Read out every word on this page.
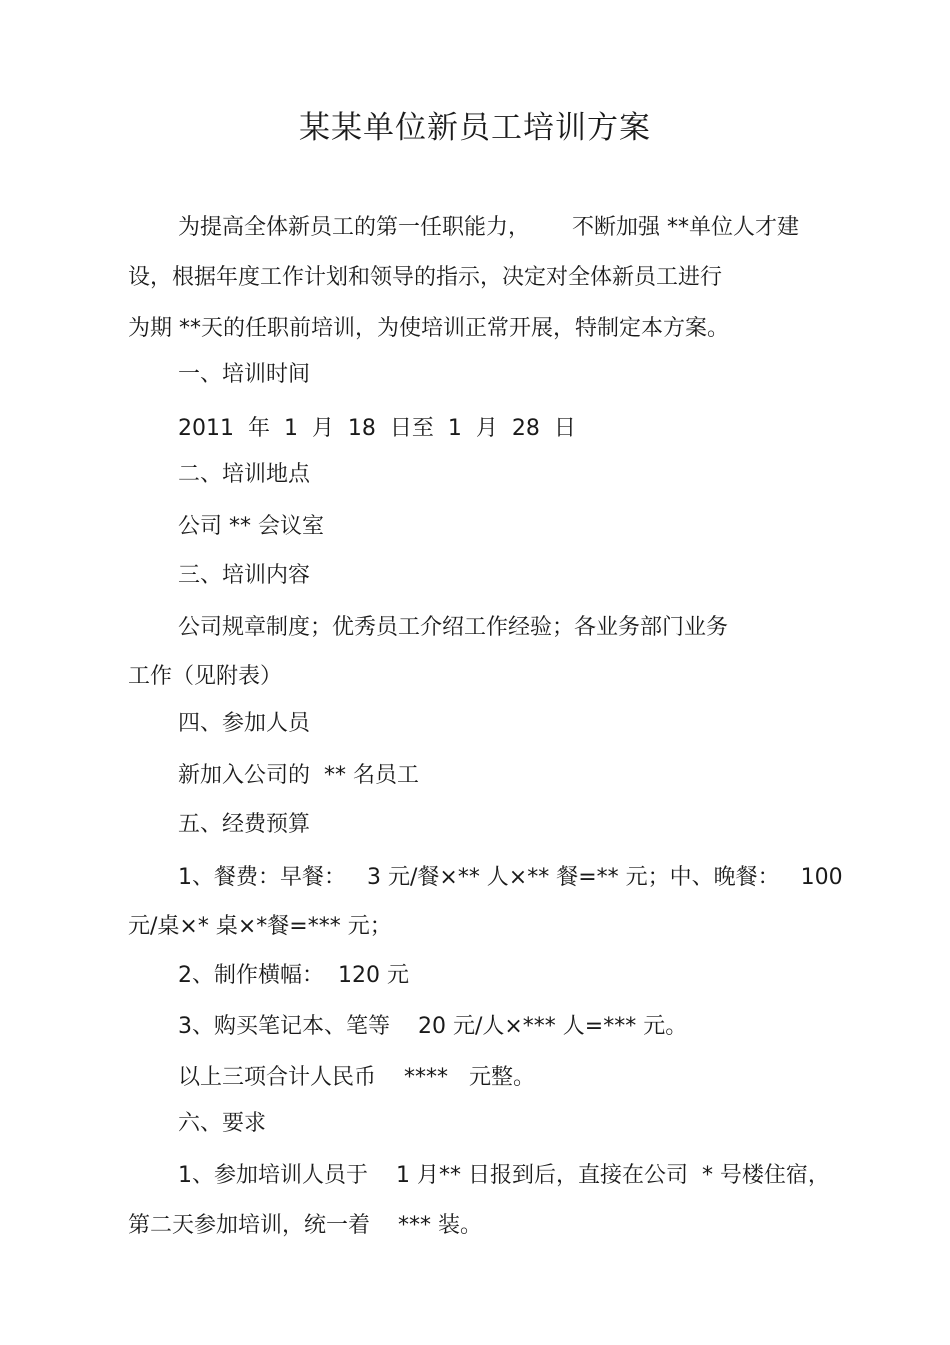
某某单位新员工培训方案

为提高全体新员工的第一任职能力，      不断加强 **单位人才建

设，根据年度工作计划和领导的指示，决定对全体新员工进行

为期 **天的任职前培训，为使培训正常开展，特制定本方案。

一、培训时间

2011  年  1  月  18  日至  1  月  28  日

二、培训地点

公司 ** 会议室

三、培训内容

公司规章制度；优秀员工介绍工作经验；各业务部门业务

工作（见附表）

四、参加人员

新加入公司的  ** 名员工

五、经费预算

1、餐费：早餐：   3 元/餐×** 人×** 餐=** 元；中、晚餐：   100

元/桌×* 桌×*餐=*** 元；

2、制作横幅：  120 元

3、购买笔记本、笔等    20 元/人×*** 人=*** 元。

以上三项合计人民币    ****   元整。

六、要求

1、参加培训人员于    1 月** 日报到后，直接在公司  * 号楼住宿，

第二天参加培训，统一着    *** 装。
